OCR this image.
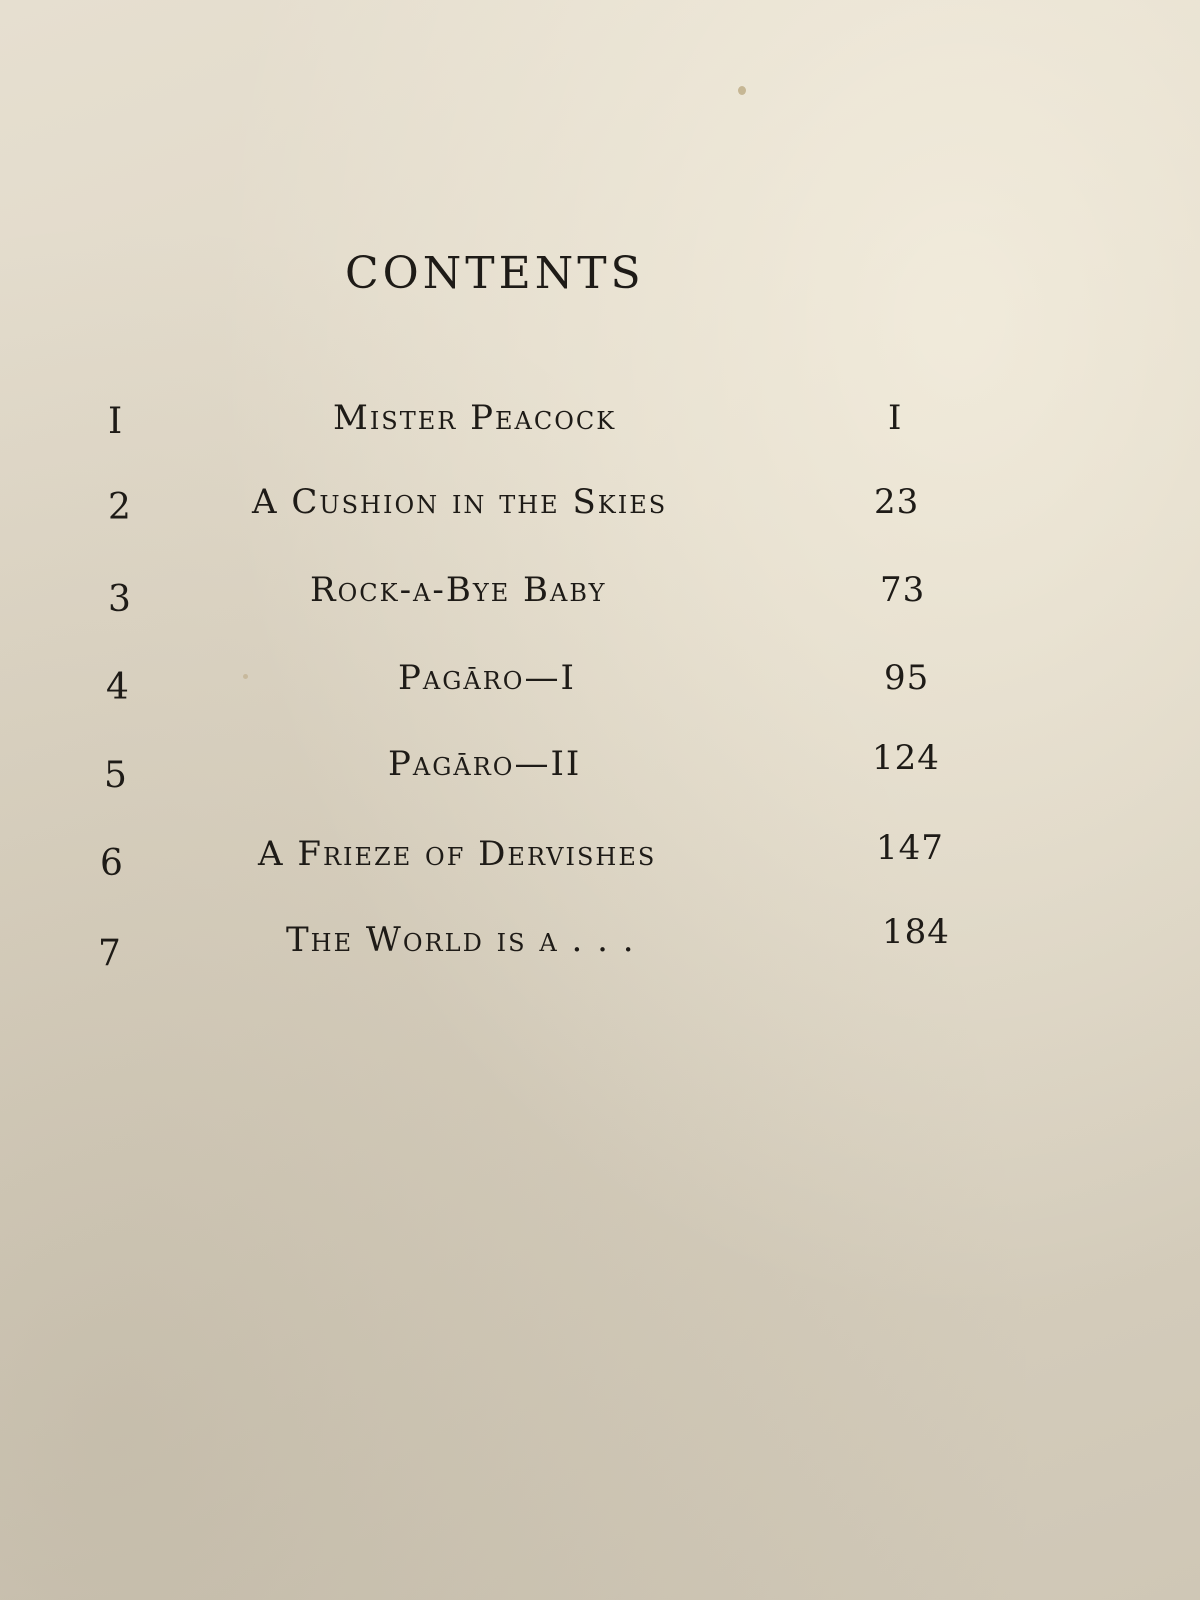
CONTENTS
I	Mister Peacock	I
2	A Cushion in the Skies	23
3	Rock-a-Bye Baby	73
4	Pagāro—I	95
5	Pagāro—II	124
6	A Frieze of Dervishes	147
7	The World is a . . .	184
